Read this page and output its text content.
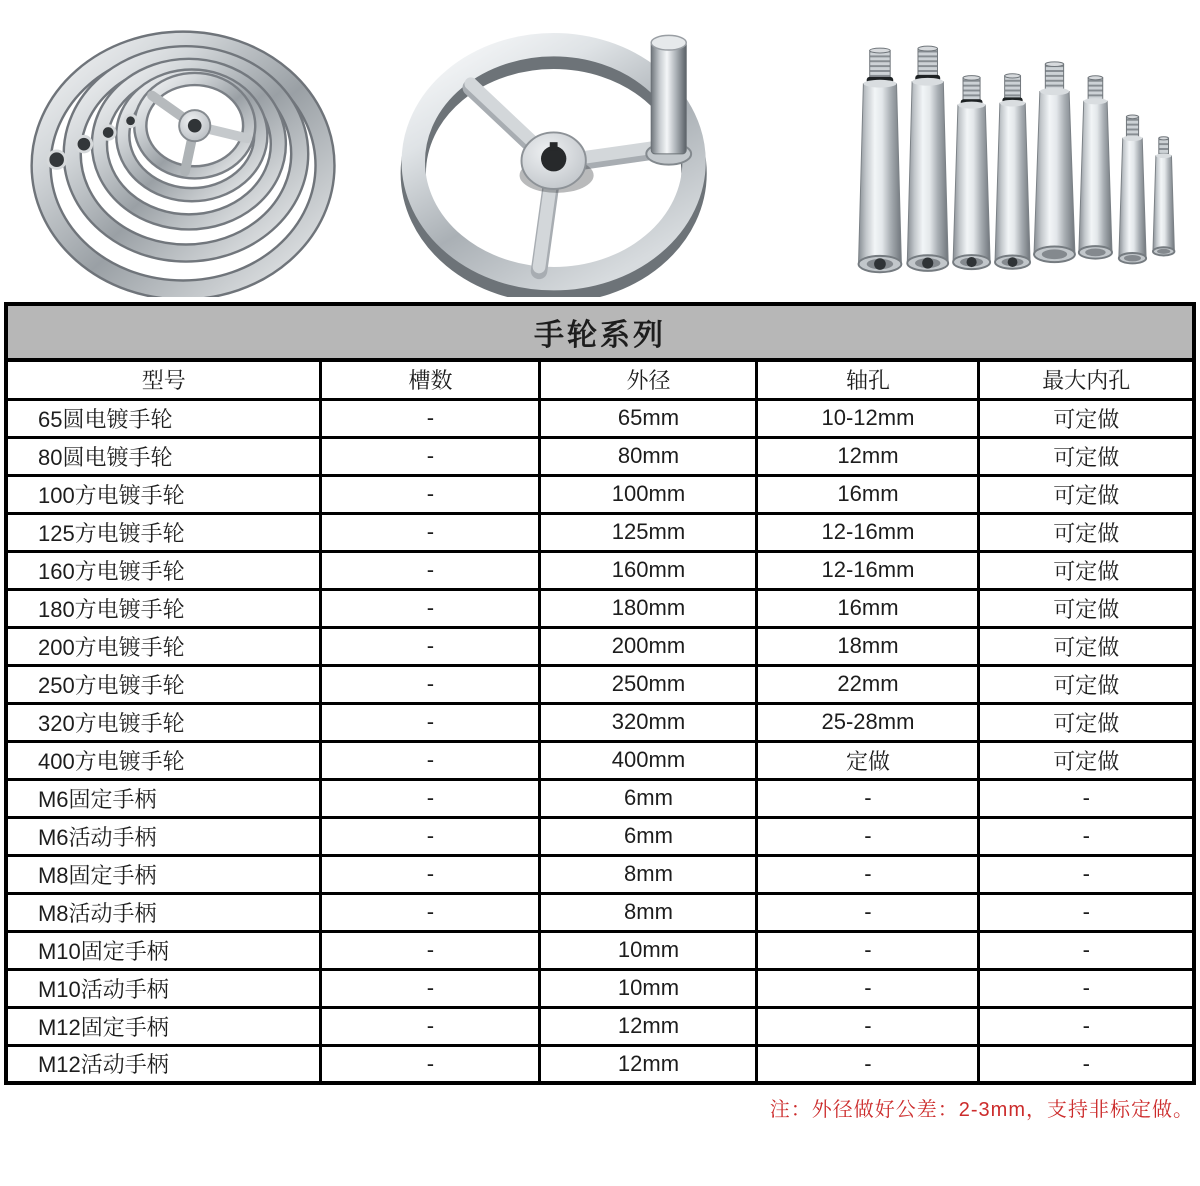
手轮系列				
型号	槽数	外径	轴孔	最大内孔
65圆电镀手轮	-	65mm	10-12mm	可定做
80圆电镀手轮	-	80mm	12mm	可定做
100方电镀手轮	-	100mm	16mm	可定做
125方电镀手轮	-	125mm	12-16mm	可定做
160方电镀手轮	-	160mm	12-16mm	可定做
180方电镀手轮	-	180mm	16mm	可定做
200方电镀手轮	-	200mm	18mm	可定做
250方电镀手轮	-	250mm	22mm	可定做
320方电镀手轮	-	320mm	25-28mm	可定做
400方电镀手轮	-	400mm	定做	可定做
M6固定手柄	-	6mm	-	-
M6活动手柄	-	6mm	-	-
M8固定手柄	-	8mm	-	-
M8活动手柄	-	8mm	-	-
M10固定手柄	-	10mm	-	-
M10活动手柄	-	10mm	-	-
M12固定手柄	-	12mm	-	-
M12活动手柄	-	12mm	-	-
注：外径做好公差：2-3mm，支持非标定做。
